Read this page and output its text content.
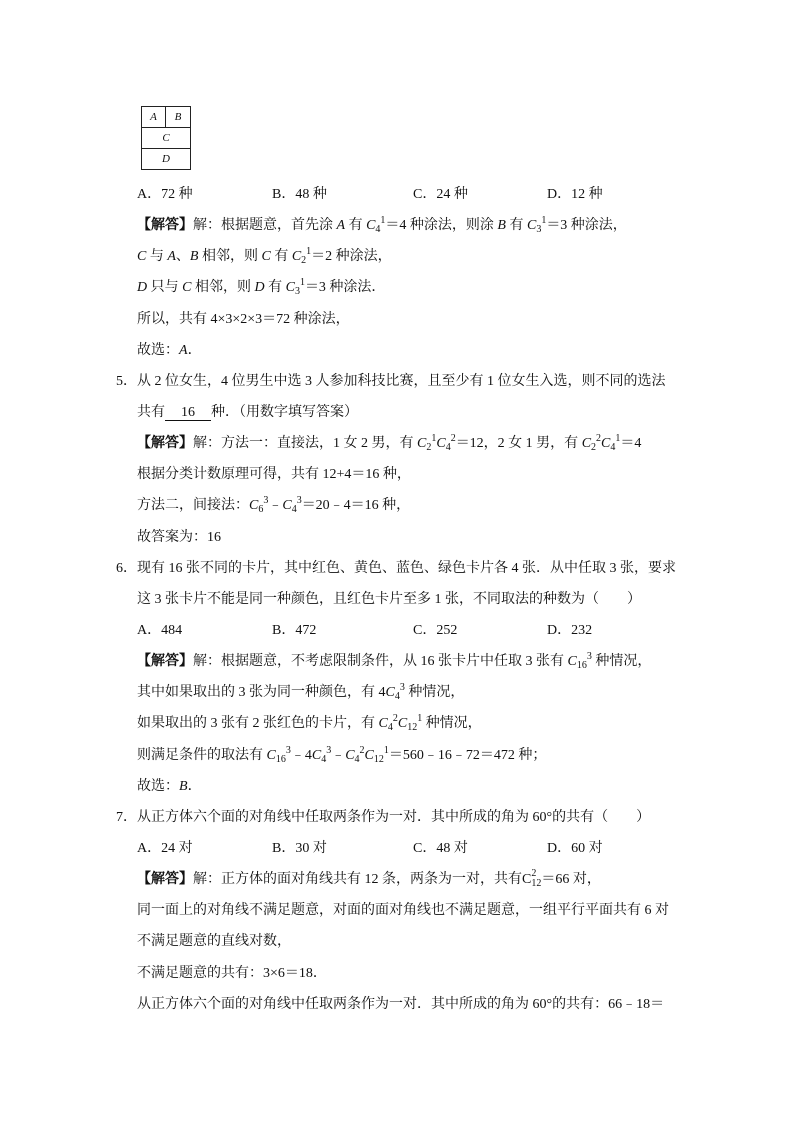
A	B
C
D
A．72 种	B．48 种	C．24 种	D．12 种
【解答】解：根据题意，首先涂 A 有 $C_4^1=4$ 种涂法，则涂 B 有 $C_3^1=3$ 种涂法，
C 与 A、B 相邻，则 C 有 $C_2^1=2$ 种涂法，
D 只与 C 相邻，则 D 有 $C_3^1=3$ 种涂法．
所以，共有 4×3×2×3＝72 种涂法，
故选：A．
5．从 2 位女生，4 位男生中选 3 人参加科技比赛，且至少有 1 位女生入选，则不同的选法
共有 16 种．（用数字填写答案）
【解答】解：方法一：直接法，1 女 2 男，有 $C_2^1C_4^2=12$，2 女 1 男，有 $C_2^2C_4^1=4$
根据分类计数原理可得，共有 12+4＝16 种，
方法二，间接法：$C_6^3﹣C_4^3=20﹣4=16$ 种，
故答案为：16
6．现有 16 张不同的卡片，其中红色、黄色、蓝色、绿色卡片各 4 张．从中任取 3 张，要求
这 3 张卡片不能是同一种颜色，且红色卡片至多 1 张，不同取法的种数为（　　）
A．484	B．472	C．252	D．232
【解答】解：根据题意，不考虑限制条件，从 16 张卡片中任取 3 张有 $C_{16}^3$ 种情况，
其中如果取出的 3 张为同一种颜色，有 $4C_4^3$ 种情况，
如果取出的 3 张有 2 张红色的卡片，有 $C_4^2C_{12}^1$ 种情况，
则满足条件的取法有 $C_{16}^3﹣4C_4^3﹣C_4^2C_{12}^1=560﹣16﹣72=472$ 种；
故选：B．
7．从正方体六个面的对角线中任取两条作为一对．其中所成的角为 60°的共有（　　）
A．24 对	B．30 对	C．48 对	D．60 对
【解答】解：正方体的面对角线共有 12 条，两条为一对，共有C 2
12 ＝66 对，
同一面上的对角线不满足题意，对面的面对角线也不满足题意，一组平行平面共有 6 对
不满足题意的直线对数，
不满足题意的共有：3×6＝18．
从正方体六个面的对角线中任取两条作为一对．其中所成的角为 60°的共有：66﹣18＝
